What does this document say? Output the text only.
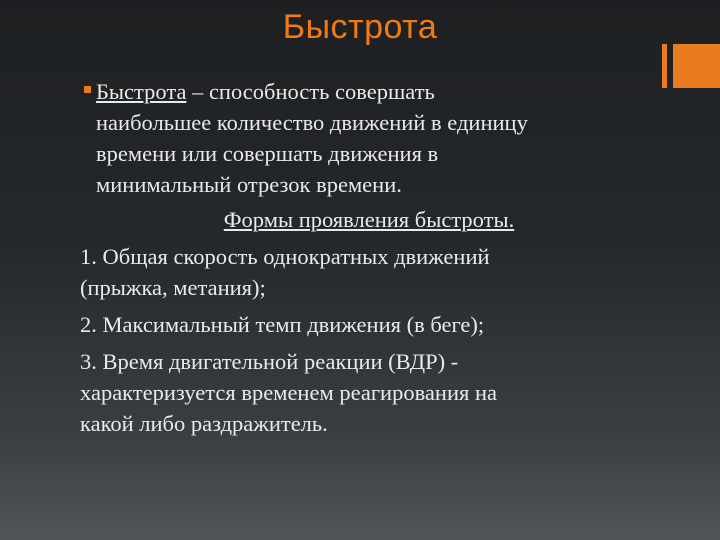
Быстрота
Быстрота – способность совершать
наибольшее количество движений в единицу
времени или совершать движения в
минимальный отрезок времени.
Формы проявления быстроты.
1. Общая скорость однократных движений
(прыжка, метания);
2. Максимальный темп движения (в беге);
3. Время двигательной реакции (ВДР) -
характеризуется временем реагирования на
какой либо раздражитель.
